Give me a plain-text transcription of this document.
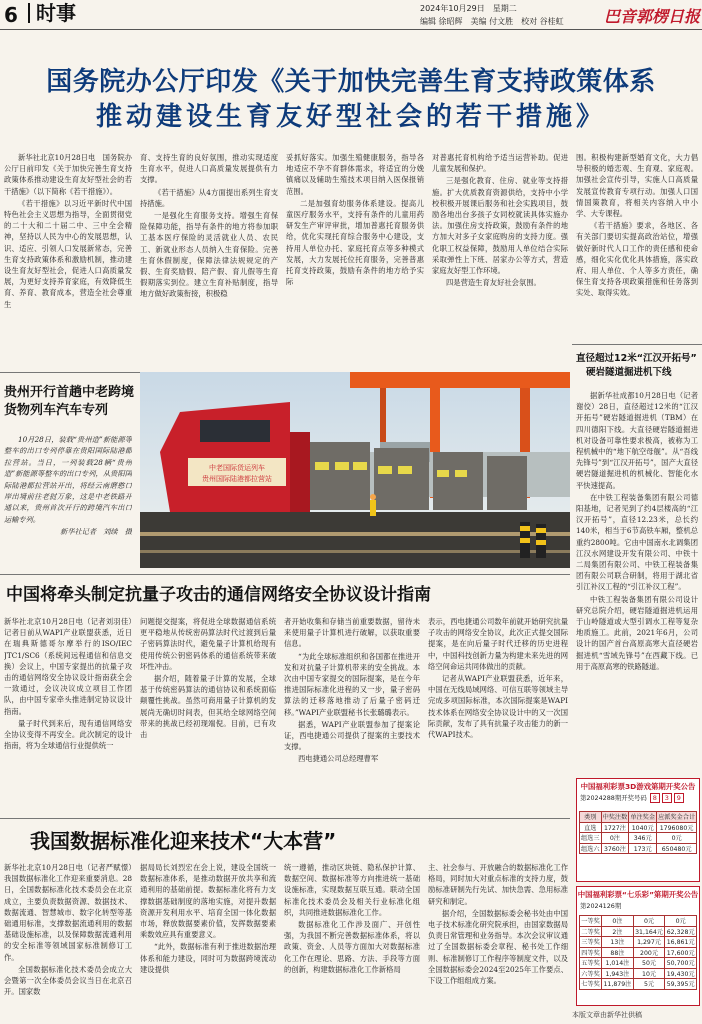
6 时事	2024年10月29日　星期二
编辑 徐昭辉　美编 付文胜　校对 谷桂虹	巴音郭楞日报
国务院办公厅印发《关于加快完善生育支持政策体系
推动建设生育友好型社会的若干措施》

新华社北京10月28日电　国务院办公厅日前印发《关于加快完善生育支持政策体系推动建设生育友好型社会的若干措施》（以下简称《若干措施》）。

《若干措施》以习近平新时代中国特色社会主义思想为指导，全面贯彻党的二十大和二十届二中、三中全会精神，坚持以人民为中心的发展思想，认识、适应、引领人口发展新常态，完善生育支持政策体系和激励机制，推动建设生育友好型社会，促进人口高质量发展，为更好支持养育家庭，有效降低生育、养育、教育成本，营造全社会尊重生

育、支持生育的良好氛围，推动实现适度生育水平，促进人口高质量发展提供有力支撑。

《若干措施》从4方面提出系列生育支持措施。

一是强化生育服务支持。增强生育保险保障功能，指导有条件的地方将参加职工基本医疗保险的灵活就业人员、农民工、新就业形态人员纳入生育保险。完善生育休假制度，保障法律法规规定的产假、生育奖励假、陪产假、育儿假等生育假期落实到位。建立生育补贴制度，指导地方做好政策衔接，积极稳

妥抓好落实。加强生殖健康服务，指导各地适应不孕不育群体需求，将适宜的分娩镇痛以及辅助生殖技术项目纳入医保报销范围。

二是加强育幼服务体系建设。提高儿童医疗服务水平，支持有条件的儿童用药研发生产审评审批，增加普惠托育服务供给，优化实现托育综合服务中心建设，支持用人单位办托、家庭托育点等多种模式发展，大力发展托位托育服务，完善普惠托育支持政策，鼓励有条件的地方给予实际

对普惠托育机构给予适当运营补助。促进儿童发展和保护。

三是强化教育、住房、就业等支持措施。扩大优质教育资源供给，支持中小学校积极开展课后服务和社会实践项目，鼓励各地出台多孩子女同校就读具体实施办法。加强住房支持政策，鼓励有条件的地方加大对多子女家庭购房的支持力度。强化职工权益保障，鼓励用人单位结合实际采取弹性上下班、居家办公等方式，营造家庭友好型工作环境。

四是营造生育友好社会氛围。

围。积极构建新型婚育文化，大力倡导积极的婚恋观、生育观、家庭观。加强社会宣传引导，实施人口高质量发展宣传教育专项行动。加强人口国情国策教育，将相关内容纳入中小学、大专课程。

《若干措施》要求，各地区、各有关部门要切实提高政治站位，增强做好新时代人口工作的责任感和使命感，细化实化优化具体措施，落实政府、用人单位、个人等多方责任，确保生育支持各项政策措施和任务落到实处、取得实效。

贵州开行首趟中老跨境
货物列车汽车专列

10月28日，装载“贵州造”新能源等整车的出口专列停靠在贵阳国际陆港都拉营站。当日，一列装载28辆“贵州造”新能源等整车的出口专列，从贵阳国际陆港都拉营站开出，将经云南磨憨口岸出境前往老挝万象，这是中老铁路开通以来，贵州首次开行的跨境汽车出口运输专列。

新华社记者　刘续　摄

中老国际货运列车
贵州国际陆港都拉营站
中国将牵头制定抗量子攻击的通信网络安全协议设计指南

新华社北京10月28日电（记者刘羽佳）记者日前从WAPI产业联盟获悉，近日在瑞典斯德哥尔摩举行的ISO/IEC JTC1/SC6（系统间远程通信和信息交换）会议上，中国专家提出的抗量子攻击的通信网络安全协议设计指南获全会一致通过，会议决议成立项目工作团队，由中国专家牵头推进制定协议设计指南。

量子时代到来后，现有通信网络安全协议变得不再安全。此次制定的设计指南，将为全球通信行业提供统一

问题提交提案，将促进全球数据通信系统更平稳地从传统密码算法时代过渡到后量子密码算法时代，避免量子计算机给现有使用传统公钥密码体系的通信系统带来破坏性冲击。

据介绍，随着量子计算的发展，全球基于传统密码算法的通信协议和系统面临颠覆性挑战。虽然可商用量子计算机的发展尚无确切时间表，但其给全球网络空间带来的挑战已经初现端倪。目前，已有攻击

者开始收集和存储当前重要数据，留待未来使用量子计算机进行破解，以获取重要信息。

“为此全球标准组织和各国都在推进开发和对抗量子计算机带来的安全挑战。本次由中国专家提交的国际提案，是在今年推进国际标准化进程的又一步，量子密码算法的迁移落地推动了后量子密码迁移。”WAPI产业联盟秘书长张璐璐表示。

据悉，WAPI产业联盟参加了提案论证，西电捷通公司提供了提案的主要技术支撑。

西电捷通公司总经理曹军

表示，西电捷通公司数年前就开始研究抗量子攻击的网络安全协议，此次正式提交国际提案，是在向后量子时代迁移的历史进程中，中国科技创新力量为构建未来先进的网络空间命运共同体做出的贡献。

记者从WAPI产业联盟获悉，近年来，中国在无线局域网络、可信互联等领域主导完成多项国际标准，本次国际提案是WAPI技术体系在网络安全协议设计中的又一次国际贡献，发布了具有抗量子攻击能力的新一代WAPI技术。

我国数据标准化迎来技术“大本营”

新华社北京10月28日电（记者严赋憬）我国数据标准化工作迎来重要消息。28日，全国数据标准化技术委员会在北京成立，主要负责数据资源、数据技术、数据流通、智慧城市、数字化转型等基础通用标准，支撑数据流通利用的数据基础设施标准，以及保障数据流通利用的安全标准等领域国家标准制修订工作。

全国数据标准化技术委员会成立大会暨第一次全体委员会议当日在北京召开。国家数

据局局长刘烈宏在会上说，建设全国统一数据标准体系，是推动数据开放共享和流通利用的基础前提。数据标准化将有力支撑数据基础制度的落地实施，对提升数据资源开发利用水平、培育全国一体化数据市场，释放数据要素价值，发挥数据要素乘数效应具有重要意义。

“此外，数据标准有利于推进数据治理体系和能力建设，同时可为数据跨境流动建设提供

统一遵循，推动区块链、隐私保护计算、数据空间、数据标准等方向推进统一基础设施标准，实现数据互联互通。联动全国标准化技术委员会及相关行业标准化组织，共同推进数据标准化工作。

数据标准化工作涉及面广、开创性强，为我国不断完善数据标准体系，将以政策、资金、人员等方面加大对数据标准化工作在理论、思路、方法、手段等方面的创新，构建数据标准化工作新格局

主、社会参与、开放融合的数据标准化工作格局，同时加大对重点标准的支持力度，鼓励标准研制先行先试、加快急需、急用标准研究和制定。

据介绍，全国数据标委会秘书处由中国电子技术标准化研究院承担，由国家数据局负责日常管理和业务指导。本次会议审议通过了全国数据标委会章程、秘书处工作细则、标准制修订工作程序等制度文件，以及全国数据标委会2024至2025年工作要点、下设工作组组成方案。

直径超过12米“江汉开拓号”
硬岩隧道掘进机下线

据新华社成都10月28日电（记者谢佼）28日，直径超过12米的“江汉开拓号”硬岩隧道掘进机（TBM）在四川德阳下线。大直径硬岩隧道掘进机对设备可靠性要求极高，被称为工程机械中的“地下航空母舰”。从“吾线先锋号”到“江汉开拓号”，国产大直径硬岩隧道掘进机的机械化、智能化水平快速提高。

在中铁工程装备集团有限公司德阳基地，记者见到了约4层楼高的“江汉开拓号”，直径12.23米，总长约140米，相当于6节高铁车厢，整机总重约2800吨。它由中国南水北调集团江汉水网建设开发有限公司、中铁十二局集团有限公司、中铁工程装备集团有限公司联合研制，将用于湖北省引江补汉工程的“引江补汉工程”。

中铁工程装备集团有限公司设计研究总院介绍，硬岩隧道掘进机运用于山岭隧道或大型引调水工程等复杂地质施工。此前，2021年6月，公司设计的国产首台高原高寒大直径硬岩掘进机“雪域先锋号”在西藏下线。已用于高原高寒的铁路隧道。

中国福利彩票3D游戏第期开奖公告
第2024288期开奖号码 8 3 9
类别	中奖注数	单注奖金	应派奖金合计
直选	1727注	1040元	1796080元
组选三	0注	346元	0元
组选六	3760注	173元	650480元
中国福利彩票“七乐彩”第期开奖公告
第2024126期
一等奖	0注	0元	0元
二等奖	2注	31,164元	62,328元
三等奖	13注	1,297元	16,861元
四等奖	88注	200元	17,600元
五等奖	1,014注	50元	50,700元
六等奖	1,943注	10元	19,430元
七等奖	11,879注	5元	59,395元
本版文章由新华社供稿
